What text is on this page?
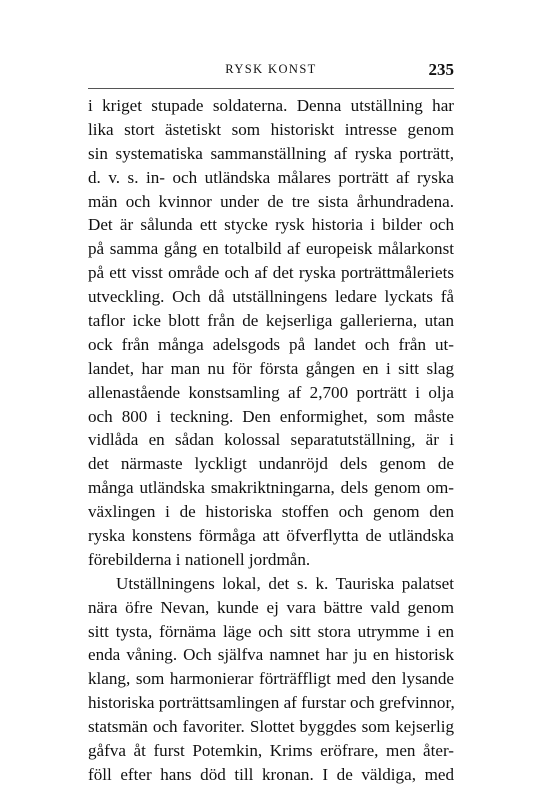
RYSK KONST	235
i kriget stupade soldaterna. Denna utställning har
lika stort ästetiskt som historiskt intresse genom
sin systematiska sammanställning af ryska porträtt,
d. v. s. in- och utländska målares porträtt af ryska
män och kvinnor under de tre sista århundradena.
Det är sålunda ett stycke rysk historia i bilder och
på samma gång en totalbild af europeisk målarkonst
på ett visst område och af det ryska porträttmåleriets
utveckling. Och då utställningens ledare lyckats få
taflor icke blott från de kejserliga gallerierna, utan
ock från många adelsgods på landet och från ut-
landet, har man nu för första gången en i sitt slag
allenastående konstsamling af 2,700 porträtt i olja
och 800 i teckning. Den enformighet, som måste
vidlåda en sådan kolossal separatutställning, är i
det närmaste lyckligt undanröjd dels genom de
många utländska smakriktningarna, dels genom om-
växlingen i de historiska stoffen och genom den
ryska konstens förmåga att öfverflytta de utländska
förebilderna i nationell jordmån.
Utställningens lokal, det s. k. Tauriska palatset
nära öfre Nevan, kunde ej vara bättre vald genom
sitt tysta, förnäma läge och sitt stora utrymme i en
enda våning. Och själfva namnet har ju en historisk
klang, som harmonierar förträffligt med den lysande
historiska porträttsamlingen af furstar och grefvinnor,
statsmän och favoriter. Slottet byggdes som kejserlig
gåfva åt furst Potemkin, Krims eröfrare, men åter-
föll efter hans död till kronan. I de väldiga, med
